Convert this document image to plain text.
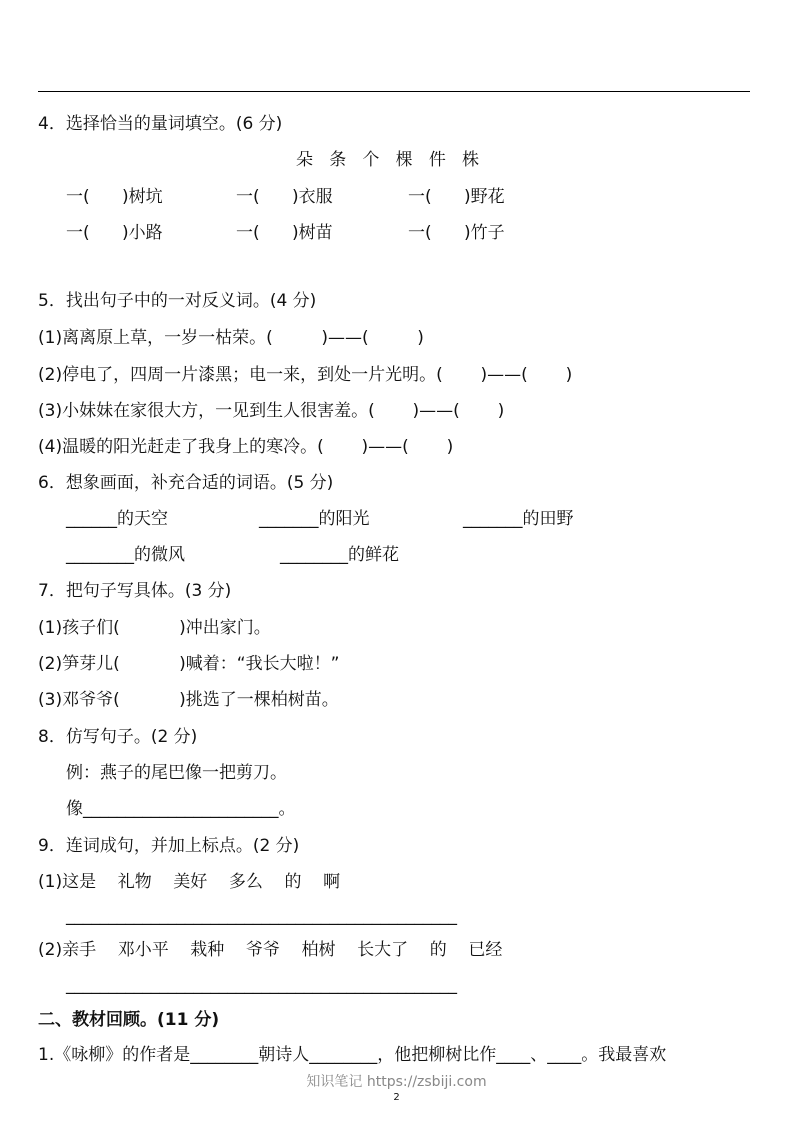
4．选择恰当的量词填空。(6 分)
朵   条   个   棵   件   株
一(      )树坑	一(      )衣服	一(      )野花
一(      )小路	一(      )树苗	一(      )竹子
5．找出句子中的一对反义词。(4 分)
(1)离离原上草，一岁一枯荣。(         )——(         )
(2)停电了，四周一片漆黑；电一来，到处一片光明。(       )——(       )
(3)小妹妹在家很大方，一见到生人很害羞。(       )——(       )
(4)温暖的阳光赶走了我身上的寒冷。(       )——(       )
6．想象画面，补充合适的词语。(5 分)
______的天空	_______的阳光	_______的田野
________的微风	________的鲜花
7．把句子写具体。(3 分)
(1)孩子们(           )冲出家门。
(2)笋芽儿(           )喊着：“我长大啦！”
(3)邓爷爷(           )挑选了一棵柏树苗。
8．仿写句子。(2 分)
例：燕子的尾巴像一把剪刀。
像_______________________。
9．连词成句，并加上标点。(2 分)
(1)这是    礼物    美好    多么    的    啊
______________________________________________
(2)亲手    邓小平    栽种    爷爷    柏树    长大了    的    已经
______________________________________________
二、教材回顾。(11 分)
1.《咏柳》的作者是________朝诗人________，他把柳树比作____、____。我最喜欢
知识笔记 https://zsbiji.com
2
